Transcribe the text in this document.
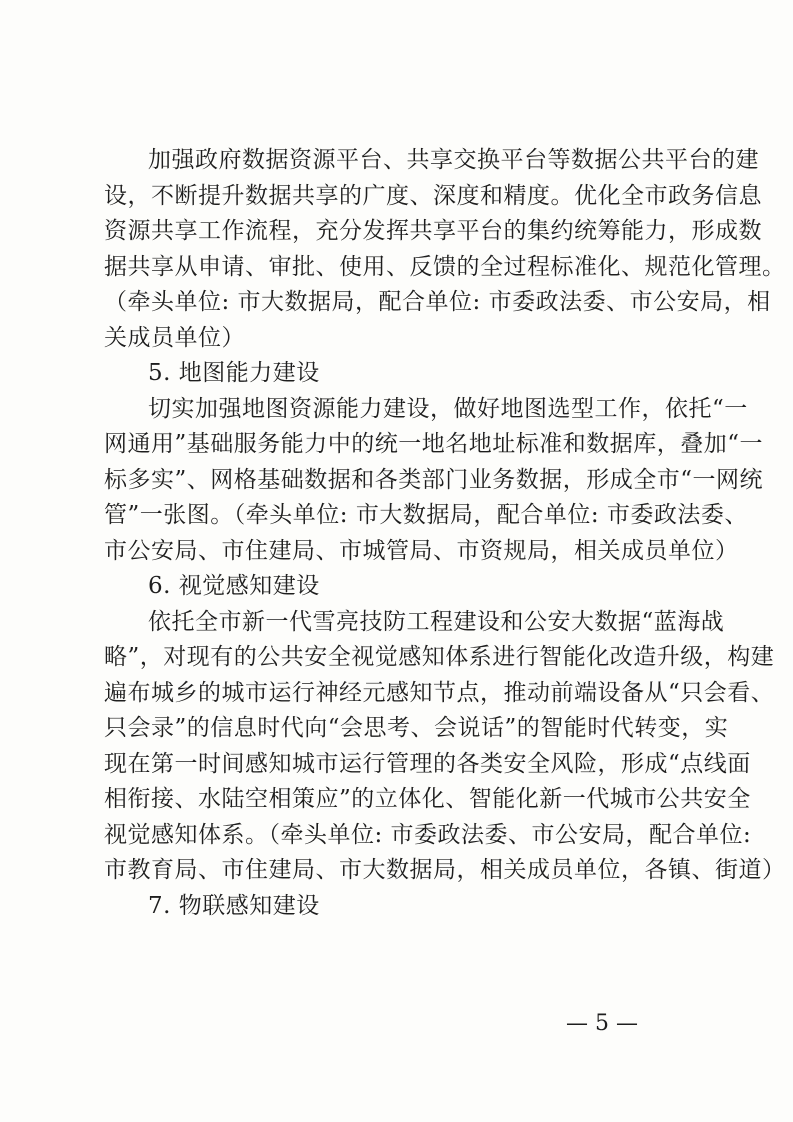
加强政府数据资源平台、共享交换平台等数据公共平台的建
设，不断提升数据共享的广度、深度和精度。优化全市政务信息
资源共享工作流程，充分发挥共享平台的集约统筹能力，形成数
据共享从申请、审批、使用、反馈的全过程标准化、规范化管理。
（牵头单位: 市大数据局，配合单位: 市委政法委、市公安局，相
关成员单位）
5. 地图能力建设
切实加强地图资源能力建设，做好地图选型工作，依托“一
网通用”基础服务能力中的统一地名地址标准和数据库，叠加“一
标多实”、网格基础数据和各类部门业务数据，形成全市“一网统
管”一张图。（牵头单位: 市大数据局，配合单位: 市委政法委、
市公安局、市住建局、市城管局、市资规局，相关成员单位）
6. 视觉感知建设
依托全市新一代雪亮技防工程建设和公安大数据“蓝海战
略”，对现有的公共安全视觉感知体系进行智能化改造升级，构建
遍布城乡的城市运行神经元感知节点，推动前端设备从“只会看、
只会录”的信息时代向“会思考、会说话”的智能时代转变，实
现在第一时间感知城市运行管理的各类安全风险，形成“点线面
相衔接、水陆空相策应”的立体化、智能化新一代城市公共安全
视觉感知体系。（牵头单位: 市委政法委、市公安局，配合单位:
市教育局、市住建局、市大数据局，相关成员单位，各镇、街道）
7. 物联感知建设
— 5 —
